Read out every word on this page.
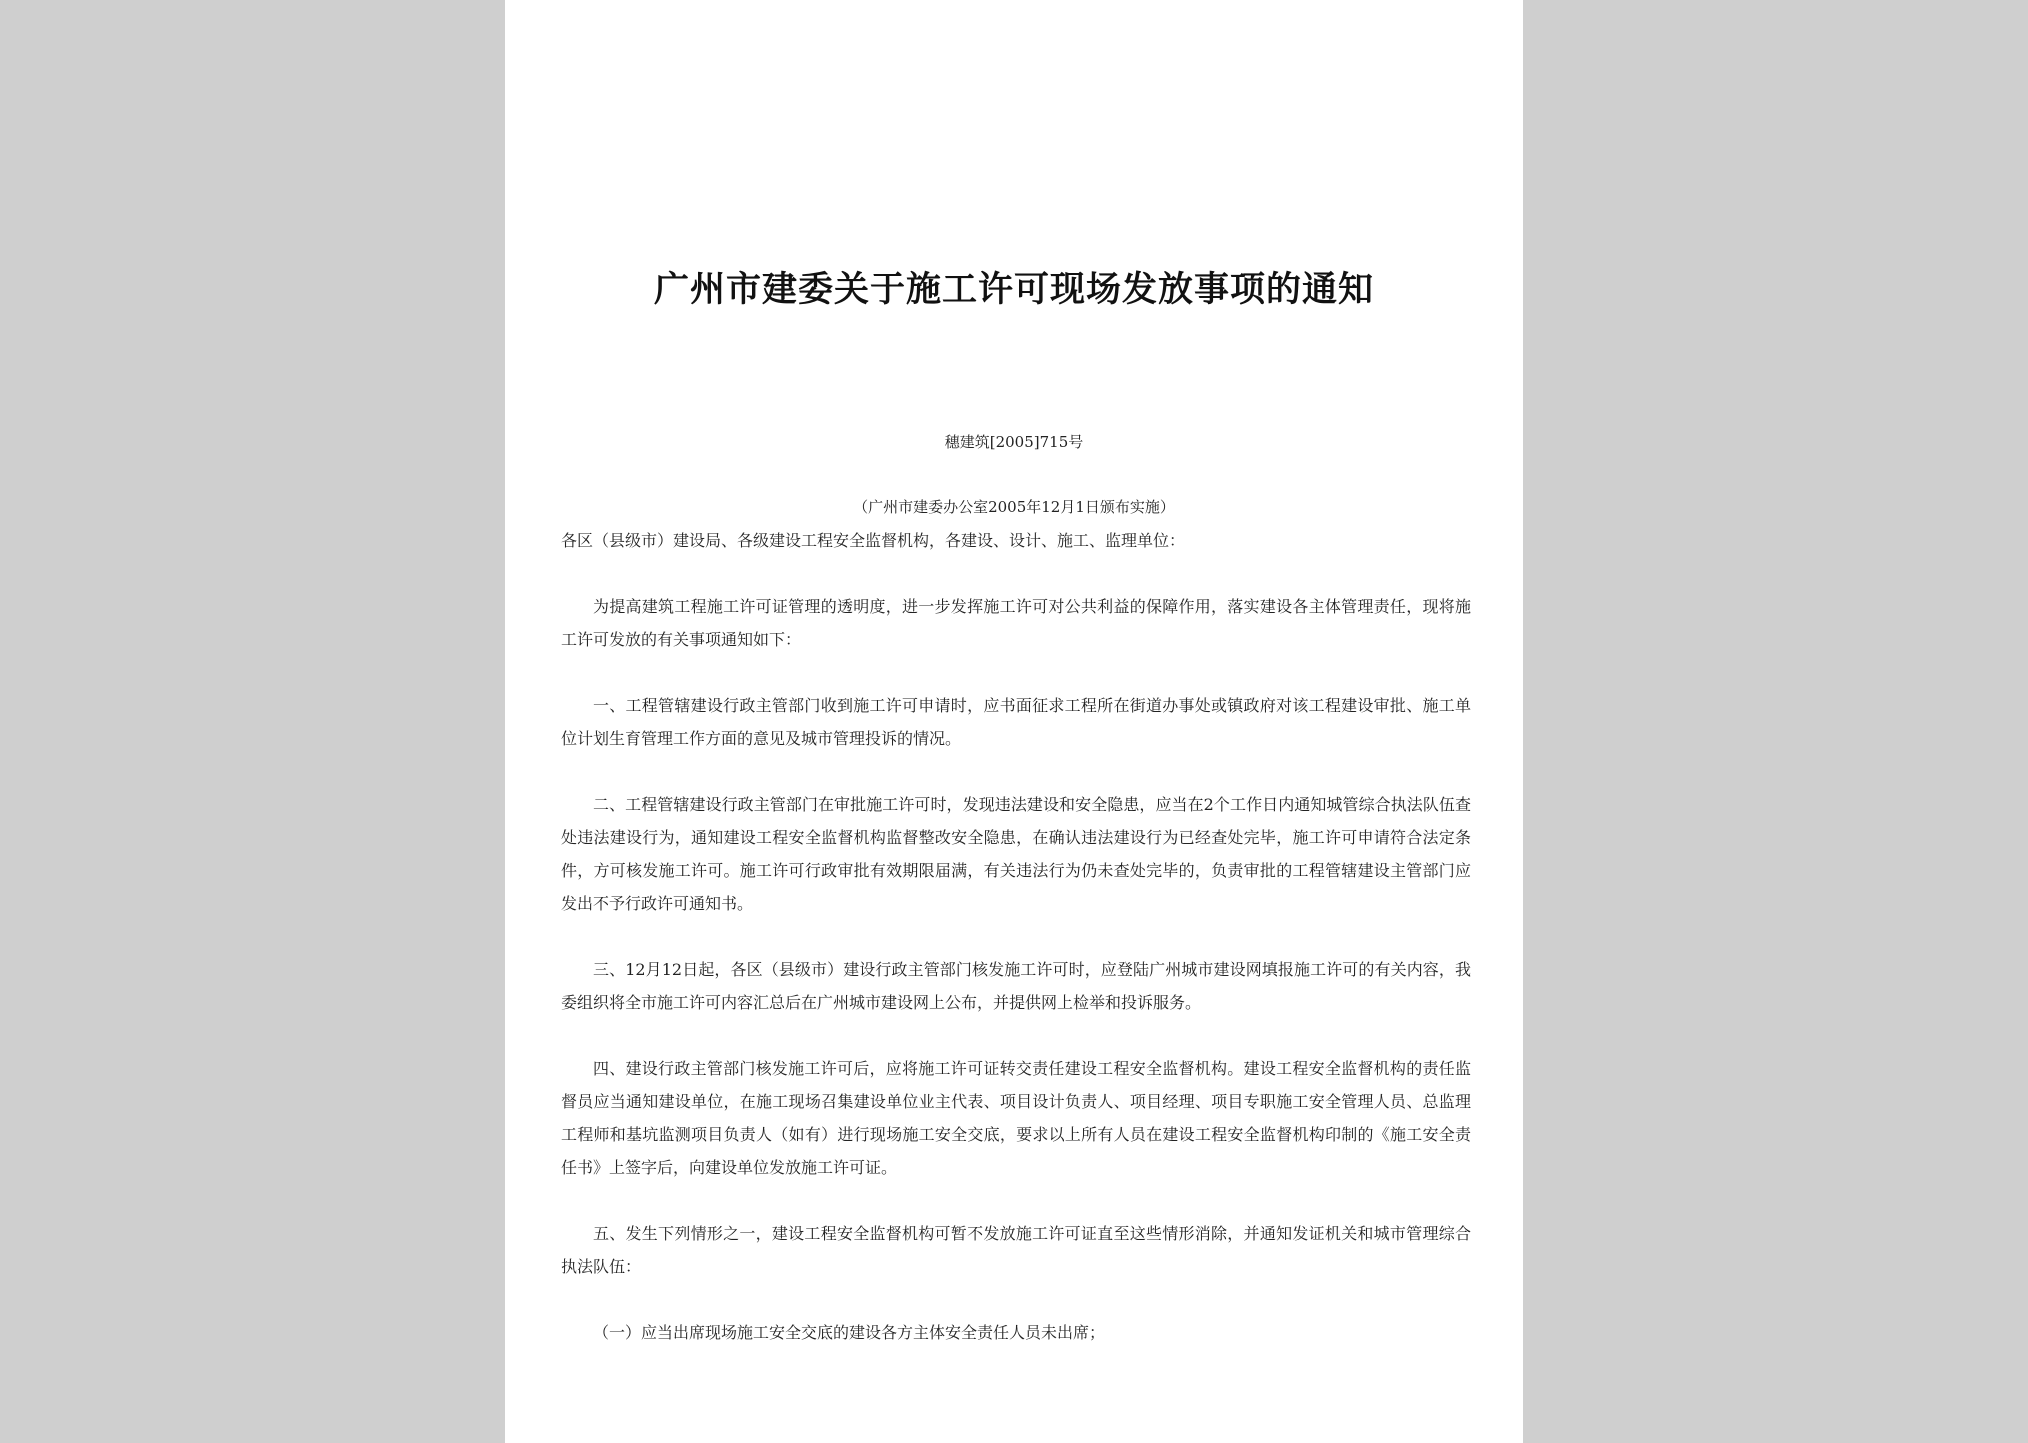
广州市建委关于施工许可现场发放事项的通知
穗建筑[2005]715号
（广州市建委办公室2005年12月1日颁布实施）
各区（县级市）建设局、各级建设工程安全监督机构，各建设、设计、施工、监理单位：
为提高建筑工程施工许可证管理的透明度，进一步发挥施工许可对公共利益的保障作用，落实建设各主体管理责任，现将施工许可发放的有关事项通知如下：
一、工程管辖建设行政主管部门收到施工许可申请时，应书面征求工程所在街道办事处或镇政府对该工程建设审批、施工单位计划生育管理工作方面的意见及城市管理投诉的情况。
二、工程管辖建设行政主管部门在审批施工许可时，发现违法建设和安全隐患，应当在2个工作日内通知城管综合执法队伍查处违法建设行为，通知建设工程安全监督机构监督整改安全隐患，在确认违法建设行为已经查处完毕，施工许可申请符合法定条件，方可核发施工许可。施工许可行政审批有效期限届满，有关违法行为仍未查处完毕的，负责审批的工程管辖建设主管部门应发出不予行政许可通知书。
三、12月12日起，各区（县级市）建设行政主管部门核发施工许可时，应登陆广州城市建设网填报施工许可的有关内容，我委组织将全市施工许可内容汇总后在广州城市建设网上公布，并提供网上检举和投诉服务。
四、建设行政主管部门核发施工许可后，应将施工许可证转交责任建设工程安全监督机构。建设工程安全监督机构的责任监督员应当通知建设单位，在施工现场召集建设单位业主代表、项目设计负责人、项目经理、项目专职施工安全管理人员、总监理工程师和基坑监测项目负责人（如有）进行现场施工安全交底，要求以上所有人员在建设工程安全监督机构印制的《施工安全责任书》上签字后，向建设单位发放施工许可证。
五、发生下列情形之一，建设工程安全监督机构可暂不发放施工许可证直至这些情形消除，并通知发证机关和城市管理综合执法队伍：
（一）应当出席现场施工安全交底的建设各方主体安全责任人员未出席；
